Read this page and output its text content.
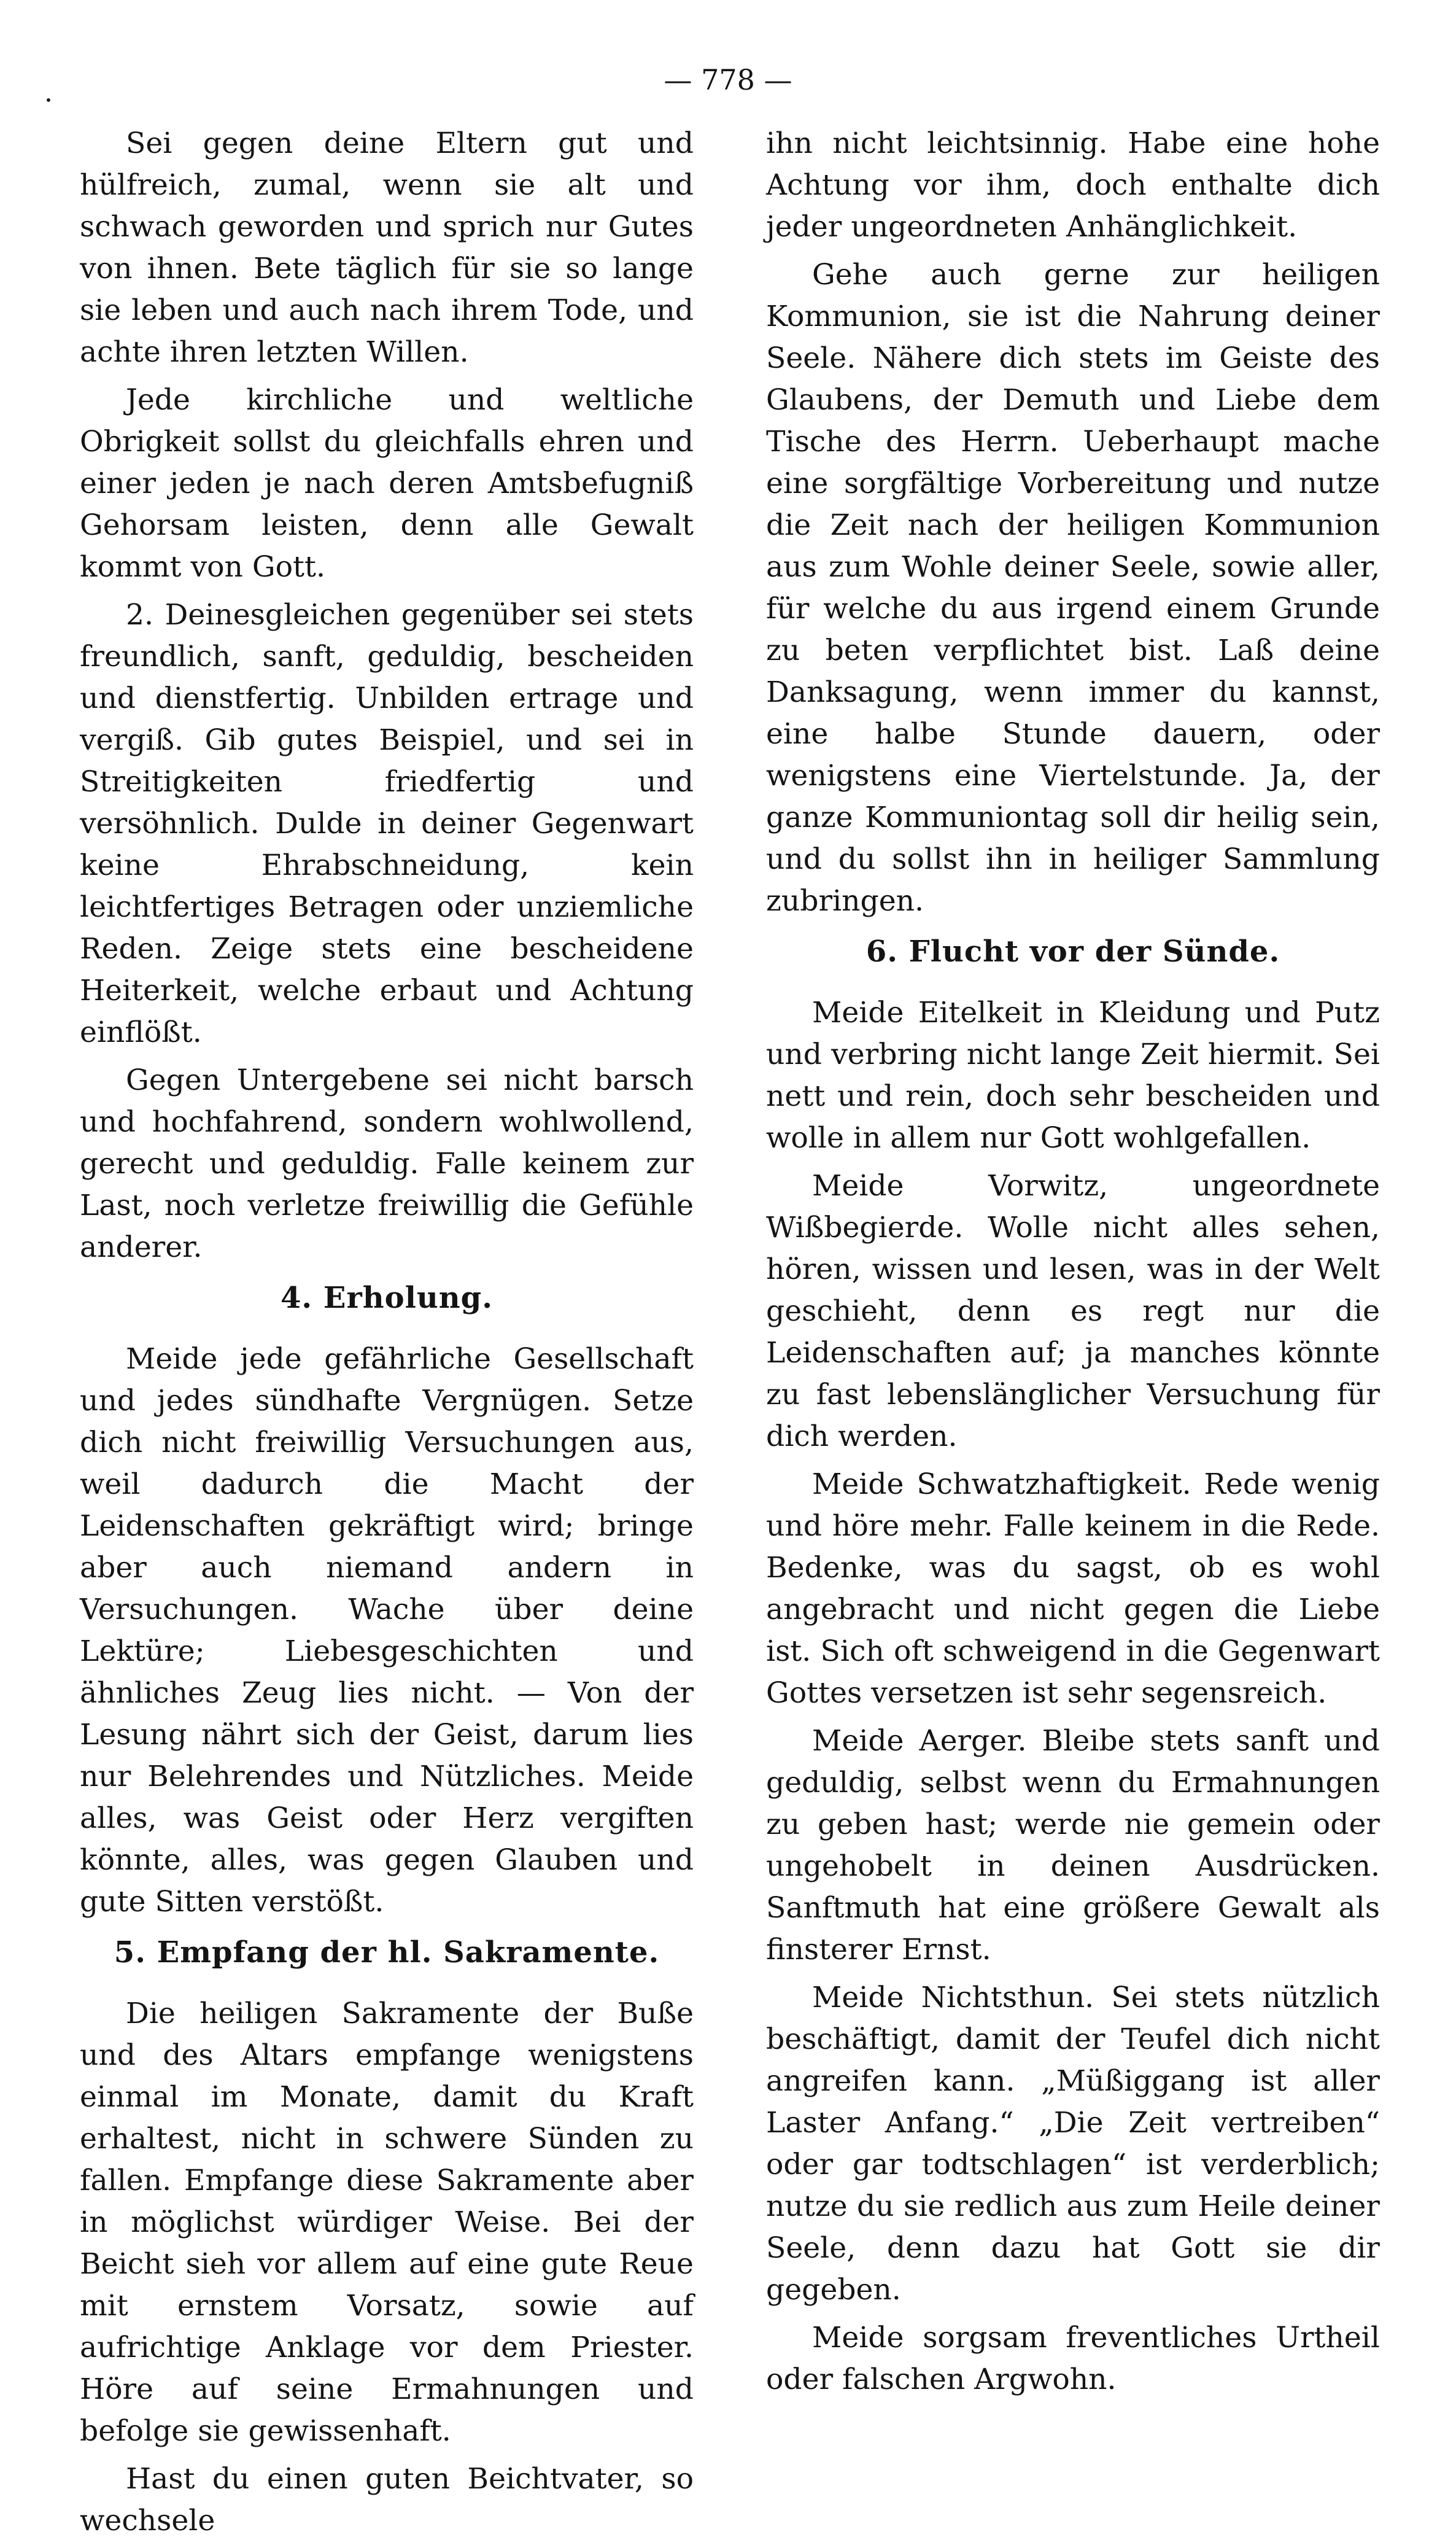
— 778 —

Sei gegen deine Eltern gut und hülfreich, zumal, wenn sie alt und schwach geworden und sprich nur Gutes von ihnen. Bete täglich für sie so lange sie leben und auch nach ihrem Tode, und achte ihren letzten Willen.

Jede kirchliche und weltliche Obrigkeit sollst du gleichfalls ehren und einer jeden je nach deren Amtsbefugniß Gehorsam leisten, denn alle Gewalt kommt von Gott.

2. Deinesgleichen gegenüber sei stets freundlich, sanft, geduldig, bescheiden und dienstfertig. Unbilden ertrage und vergiß. Gib gutes Beispiel, und sei in Streitigkeiten friedfertig und versöhnlich. Dulde in deiner Gegenwart keine Ehrabschneidung, kein leichtfertiges Betragen oder unziemliche Reden. Zeige stets eine bescheidene Heiterkeit, welche erbaut und Achtung einflößt.

Gegen Untergebene sei nicht barsch und hochfahrend, sondern wohlwollend, gerecht und geduldig. Falle keinem zur Last, noch verletze freiwillig die Gefühle anderer.

4. Erholung.

Meide jede gefährliche Gesellschaft und jedes sündhafte Vergnügen. Setze dich nicht freiwillig Versuchungen aus, weil dadurch die Macht der Leidenschaften gekräftigt wird; bringe aber auch niemand andern in Versuchungen. Wache über deine Lektüre; Liebesgeschichten und ähnliches Zeug lies nicht. — Von der Lesung nährt sich der Geist, darum lies nur Belehrendes und Nützliches. Meide alles, was Geist oder Herz vergiften könnte, alles, was gegen Glauben und gute Sitten verstößt.

5. Empfang der hl. Sakramente.

Die heiligen Sakramente der Buße und des Altars empfange wenigstens einmal im Monate, damit du Kraft erhaltest, nicht in schwere Sünden zu fallen. Empfange diese Sakramente aber in möglichst würdiger Weise. Bei der Beicht sieh vor allem auf eine gute Reue mit ernstem Vorsatz, sowie auf aufrichtige Anklage vor dem Priester. Höre auf seine Ermahnungen und befolge sie gewissenhaft.

Hast du einen guten Beichtvater, so wechsele

ihn nicht leichtsinnig. Habe eine hohe Achtung vor ihm, doch enthalte dich jeder ungeordneten Anhänglichkeit.

Gehe auch gerne zur heiligen Kommunion, sie ist die Nahrung deiner Seele. Nähere dich stets im Geiste des Glaubens, der Demuth und Liebe dem Tische des Herrn. Ueberhaupt mache eine sorgfältige Vorbereitung und nutze die Zeit nach der heiligen Kommunion aus zum Wohle deiner Seele, sowie aller, für welche du aus irgend einem Grunde zu beten verpflichtet bist. Laß deine Danksagung, wenn immer du kannst, eine halbe Stunde dauern, oder wenigstens eine Viertelstunde. Ja, der ganze Kommuniontag soll dir heilig sein, und du sollst ihn in heiliger Sammlung zubringen.

6. Flucht vor der Sünde.

Meide Eitelkeit in Kleidung und Putz und verbring nicht lange Zeit hiermit. Sei nett und rein, doch sehr bescheiden und wolle in allem nur Gott wohlgefallen.

Meide Vorwitz, ungeordnete Wißbegierde. Wolle nicht alles sehen, hören, wissen und lesen, was in der Welt geschieht, denn es regt nur die Leidenschaften auf; ja manches könnte zu fast lebenslänglicher Versuchung für dich werden.

Meide Schwatzhaftigkeit. Rede wenig und höre mehr. Falle keinem in die Rede. Bedenke, was du sagst, ob es wohl angebracht und nicht gegen die Liebe ist. Sich oft schweigend in die Gegenwart Gottes versetzen ist sehr segensreich.

Meide Aerger. Bleibe stets sanft und geduldig, selbst wenn du Ermahnungen zu geben hast; werde nie gemein oder ungehobelt in deinen Ausdrücken. Sanftmuth hat eine größere Gewalt als finsterer Ernst.

Meide Nichtsthun. Sei stets nützlich beschäftigt, damit der Teufel dich nicht angreifen kann. „Müßiggang ist aller Laster Anfang.“ „Die Zeit vertreiben“ oder gar todtschlagen“ ist verderblich; nutze du sie redlich aus zum Heile deiner Seele, denn dazu hat Gott sie dir gegeben.

Meide sorgsam freventliches Urtheil oder falschen Argwohn.
